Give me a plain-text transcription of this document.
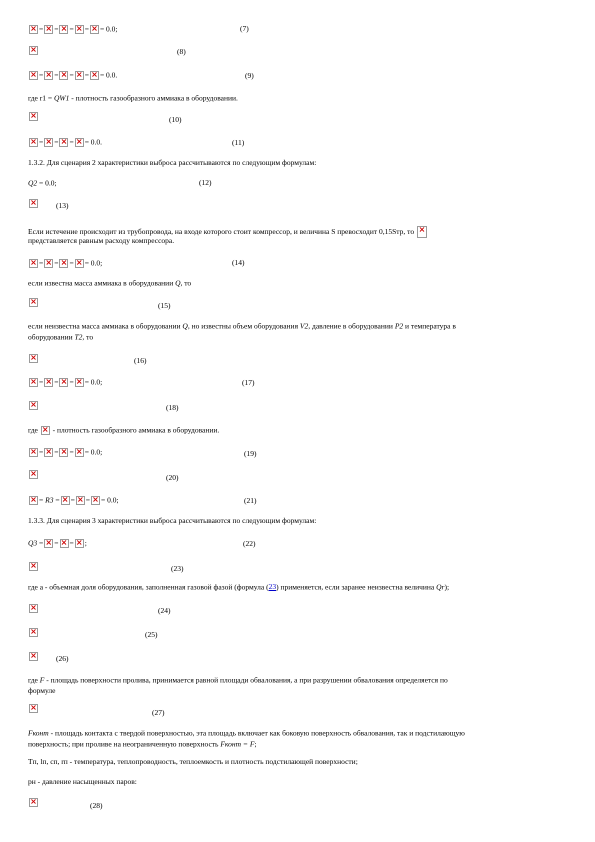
×= × = × = × = × = 0.0;	(7)
×
(8)
×= × = × = × = × = 0.0.	(9)
где r1 = QW1 - плотность газообразного аммиака в оборудовании.
×
(10)
×= × = × = × = 0.0.	(11)
1.3.2. Для сценария 2 характеристики выброса рассчитываются по следующим формулам:
Q2 = 0.0;	(12)
×
(13)
Если истечение происходит из трубопровода, на входе которого стоит компрессор, и величина S превосходит 0,15Sтр, то ×
представляется равным расходу компрессора.
×= × = × = × = 0.0;	(14)
если известна масса аммиака в оборудовании Q, то
×
(15)
если неизвестна масса аммиака в оборудовании Q, но известны объем оборудования V2, давление в оборудовании P2 и температура в
оборудовании T2, то
×
(16)
×= × = × = × = 0.0;	(17)
×
(18)
где × - плотность газообразного аммиака в оборудовании.
×= × = × = × = 0.0;	(19)
×
(20)
×= R3 = × = × = × = 0.0;	(21)
1.3.3. Для сценария 3 характеристики выброса рассчитываются по следующим формулам:
Q3 = × = × = × ;	(22)
×
(23)
где a - объемная доля оборудования, заполненная газовой фазой (формула (23) применяется, если заранее неизвестна величина Qr);
×
(24)
×
(25)
×
(26)
где F - площадь поверхности пролива, принимается равной площади обвалования, а при разрушении обвалования определяется по
формуле
×
(27)
Fконт - площадь контакта с твердой поверхностью, эта площадь включает как боковую поверхность обвалования, так и подстилающую
поверхность; при проливе на неограниченную поверхность Fконт = F;
Tп, lп, cп, rп - температура, теплопроводность, теплоемкость и плотность подстилающей поверхности;
pн - давление насыщенных паров:
×
(28)
